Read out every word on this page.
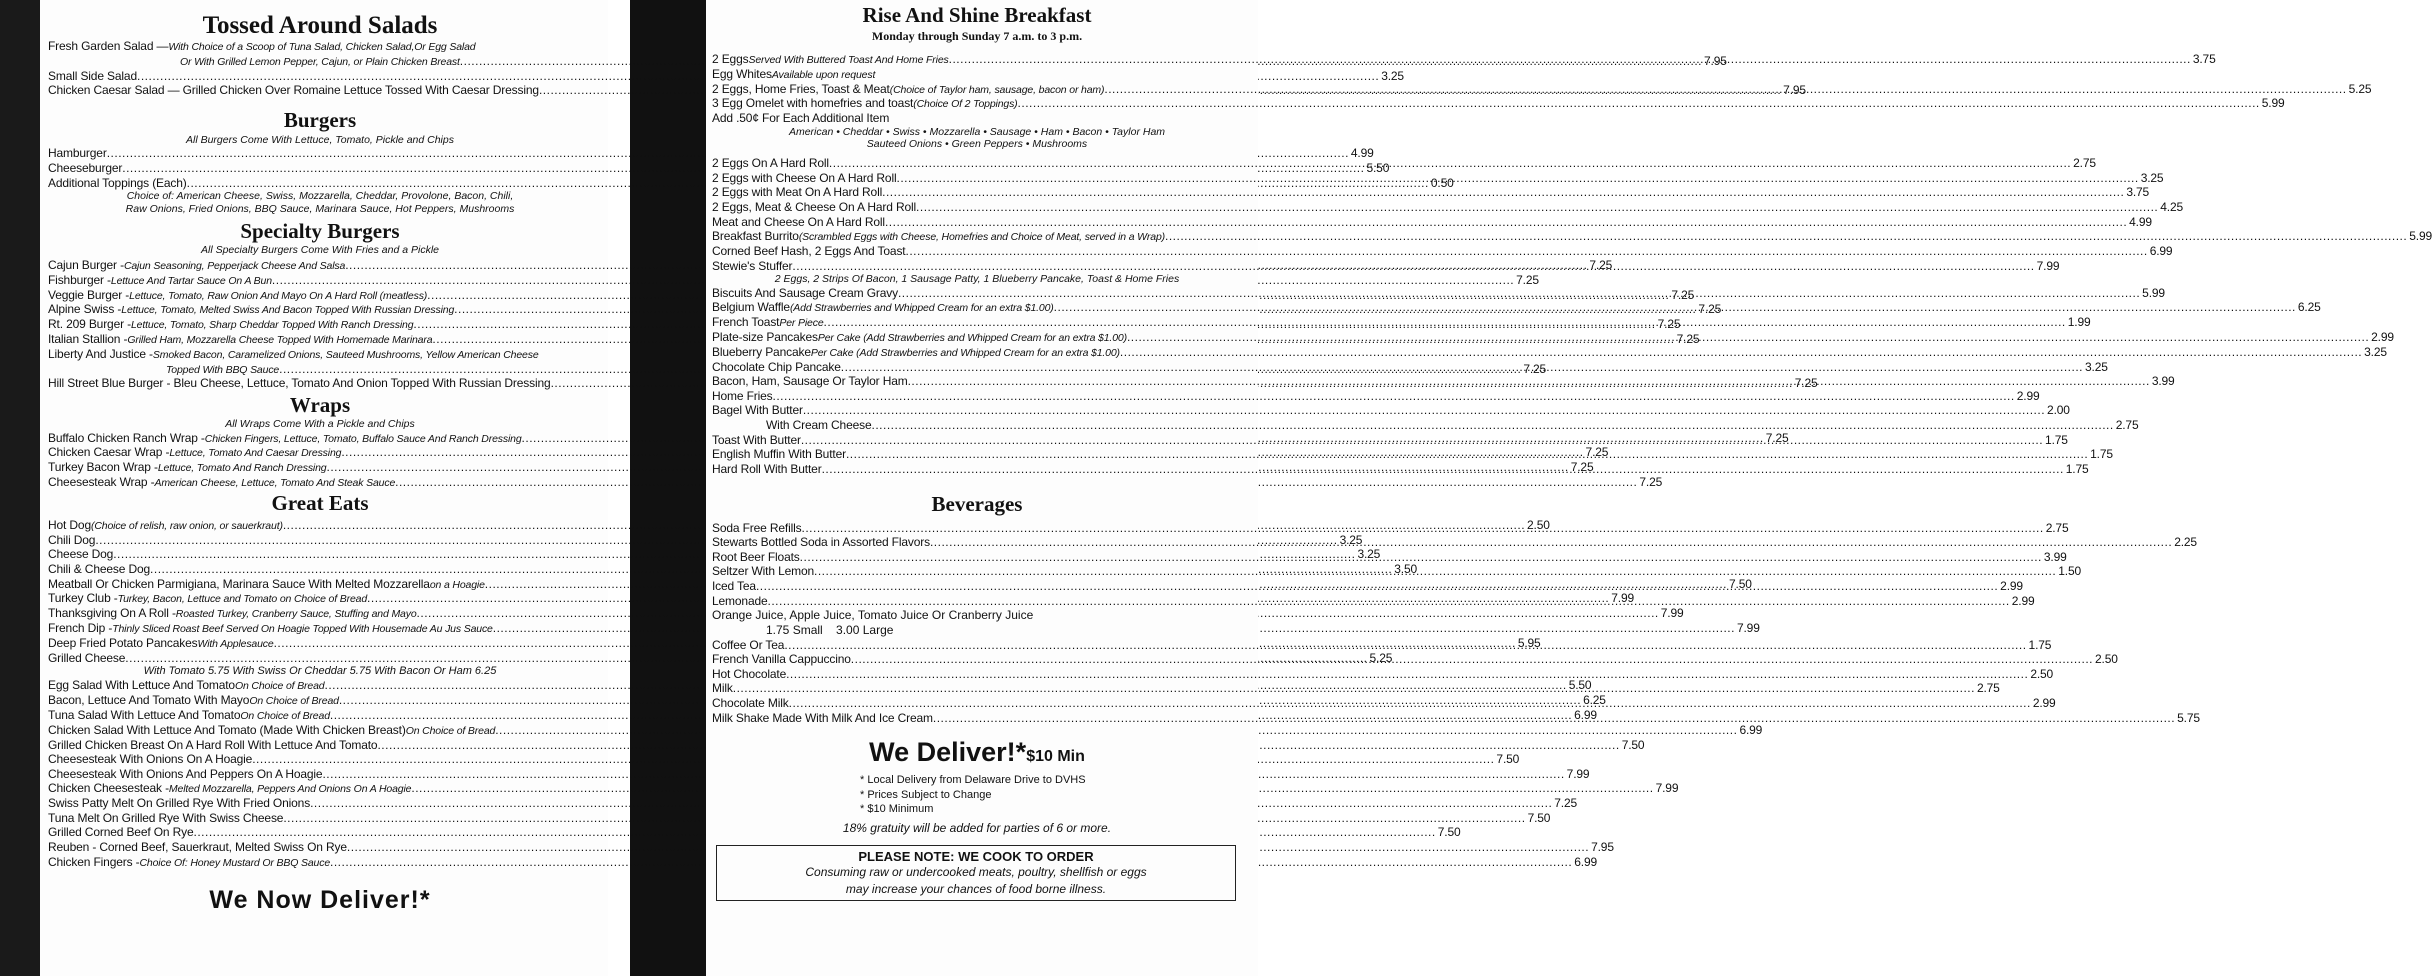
Tossed Around Salads
Fresh Garden Salad — With Choice of a Scoop of Tuna Salad, Chicken Salad,Or Egg Salad
Or With Grilled Lemon Pepper, Cajun, or Plain Chicken Breast .....	7.95
Small Side Salad .....	3.25
Chicken Caesar Salad — Grilled Chicken Over Romaine Lettuce Tossed With Caesar Dressing .....	7.95
Burgers
All Burgers Come With Lettuce, Tomato, Pickle and Chips
Hamburger .....	4.99
Cheeseburger .....	5.50
Additional Toppings (Each) .....	0.50
Choice of: American Cheese, Swiss, Mozzarella, Cheddar, Provolone, Bacon, Chili,
Raw Onions, Fried Onions, BBQ Sauce, Marinara Sauce, Hot Peppers, Mushrooms
Specialty Burgers
All Specialty Burgers Come With Fries and a Pickle
Cajun Burger - Cajun Seasoning, Pepperjack Cheese And Salsa .....	7.25
Fishburger - Lettuce And Tartar Sauce On A Bun .....	7.25
Veggie Burger - Lettuce, Tomato, Raw Onion And Mayo On A Hard Roll (meatless) .....	7.25
Alpine Swiss - Lettuce, Tomato, Melted Swiss And Bacon Topped With Russian Dressing .....	7.25
Rt. 209 Burger - Lettuce, Tomato, Sharp Cheddar Topped With Ranch Dressing .....	7.25
Italian Stallion - Grilled Ham, Mozzarella Cheese Topped With Homemade Marinara .....	7.25
Liberty And Justice - Smoked Bacon, Caramelized Onions, Sauteed Mushrooms, Yellow American Cheese
Topped With BBQ Sauce .....	7.25
Hill Street Blue Burger - Bleu Cheese, Lettuce, Tomato And Onion Topped With Russian Dressing .....	7.25
Wraps
All Wraps Come With a Pickle and Chips
Buffalo Chicken Ranch Wrap - Chicken Fingers, Lettuce, Tomato, Buffalo Sauce And Ranch Dressing .....	7.25
Chicken Caesar Wrap - Lettuce, Tomato And Caesar Dressing .....	7.25
Turkey Bacon Wrap - Lettuce, Tomato And Ranch Dressing .....	7.25
Cheesesteak Wrap - American Cheese, Lettuce, Tomato And Steak Sauce .....	7.25
Great Eats
Hot Dog (Choice of relish, raw onion, or sauerkraut) .....	2.50
Chili Dog .....	3.25
Cheese Dog .....	3.25
Chili & Cheese Dog .....	3.50
Meatball Or Chicken Parmigiana, Marinara Sauce With Melted Mozzarella on a Hoagie .....	7.50
Turkey Club - Turkey, Bacon, Lettuce and Tomato on Choice of Bread .....	7.99
Thanksgiving On A Roll - Roasted Turkey, Cranberry Sauce, Stuffing and Mayo .....	7.99
French Dip - Thinly Sliced Roast Beef Served On Hoagie Topped With Housemade Au Jus Sauce .....	7.99
Deep Fried Potato Pancakes With Applesauce .....	5.95
Grilled Cheese .....	5.25
With Tomato 5.75 With Swiss Or Cheddar 5.75 With Bacon Or Ham 6.25
Egg Salad With Lettuce And Tomato On Choice of Bread .....	5.50
Bacon, Lettuce And Tomato With Mayo On Choice of Bread .....	6.25
Tuna Salad With Lettuce And Tomato On Choice of Bread .....	6.99
Chicken Salad With Lettuce And Tomato (Made With Chicken Breast) On Choice of Bread .....	6.99
Grilled Chicken Breast On A Hard Roll With Lettuce And Tomato .....	7.50
Cheesesteak With Onions On A Hoagie .....	7.50
Cheesesteak With Onions And Peppers On A Hoagie .....	7.99
Chicken Cheesesteak - Melted Mozzarella, Peppers And Onions On A Hoagie .....	7.99
Swiss Patty Melt On Grilled Rye With Fried Onions .....	7.25
Tuna Melt On Grilled Rye With Swiss Cheese .....	7.50
Grilled Corned Beef On Rye .....	7.50
Reuben - Corned Beef, Sauerkraut, Melted Swiss On Rye .....	7.95
Chicken Fingers - Choice Of: Honey Mustard Or BBQ Sauce .....	6.99
We Now Deliver!*
Rise And Shine Breakfast
Monday through Sunday 7 a.m. to 3 p.m.
2 Eggs Served With Buttered Toast And Home Fries .....	3.75
Egg Whites Available upon request
2 Eggs, Home Fries, Toast & Meat (Choice of Taylor ham, sausage, bacon or ham) .....	5.25
3 Egg Omelet with homefries and toast (Choice Of 2 Toppings) .....	5.99
Add .50¢ For Each Additional Item
American • Cheddar • Swiss • Mozzarella • Sausage • Ham • Bacon • Taylor Ham
Sauteed Onions • Green Peppers • Mushrooms
2 Eggs On A Hard Roll .....	2.75
2 Eggs with Cheese On A Hard Roll .....	3.25
2 Eggs with Meat On A Hard Roll .....	3.75
2 Eggs, Meat & Cheese On A Hard Roll .....	4.25
Meat and Cheese On A Hard Roll .....	4.99
Breakfast Burrito (Scrambled Eggs with Cheese, Homefries and Choice of Meat, served in a Wrap) .....	5.99
Corned Beef Hash, 2 Eggs And Toast .....	6.99
Stewie's Stuffer .....	7.99
2 Eggs, 2 Strips Of Bacon, 1 Sausage Patty, 1 Blueberry Pancake, Toast & Home Fries
Biscuits And Sausage Cream Gravy .....	5.99
Belgium Waffle (Add Strawberries and Whipped Cream for an extra $1.00) .....	6.25
French Toast Per Piece .....	1.99
Plate-size Pancakes Per Cake (Add Strawberries and Whipped Cream for an extra $1.00) .....	2.99
Blueberry Pancake Per Cake (Add Strawberries and Whipped Cream for an extra $1.00) .....	3.25
Chocolate Chip Pancake .....	3.25
Bacon, Ham, Sausage Or Taylor Ham .....	3.99
Home Fries .....	2.99
Bagel With Butter .....	2.00
With Cream Cheese .....	2.75
Toast With Butter .....	1.75
English Muffin With Butter .....	1.75
Hard Roll With Butter .....	1.75
Beverages
Soda Free Refills .....	2.75
Stewarts Bottled Soda in Assorted Flavors .....	2.25
Root Beer Floats .....	3.99
Seltzer With Lemon .....	1.50
Iced Tea .....	2.99
Lemonade .....	2.99
Orange Juice, Apple Juice, Tomato Juice Or Cranberry Juice
1.75 Small    3.00 Large
Coffee Or Tea .....	1.75
French Vanilla Cappuccino .....	2.50
Hot Chocolate .....	2.50
Milk .....	2.75
Chocolate Milk .....	2.99
Milk Shake Made With Milk And Ice Cream .....	5.75
We Deliver!*$10 Min
* Local Delivery from Delaware Drive to DVHS
* Prices Subject to Change
* $10 Minimum
18% gratuity will be added for parties of 6 or more.
PLEASE NOTE: WE COOK TO ORDER
Consuming raw or undercooked meats, poultry, shellfish or eggs
may increase your chances of food borne illness.
